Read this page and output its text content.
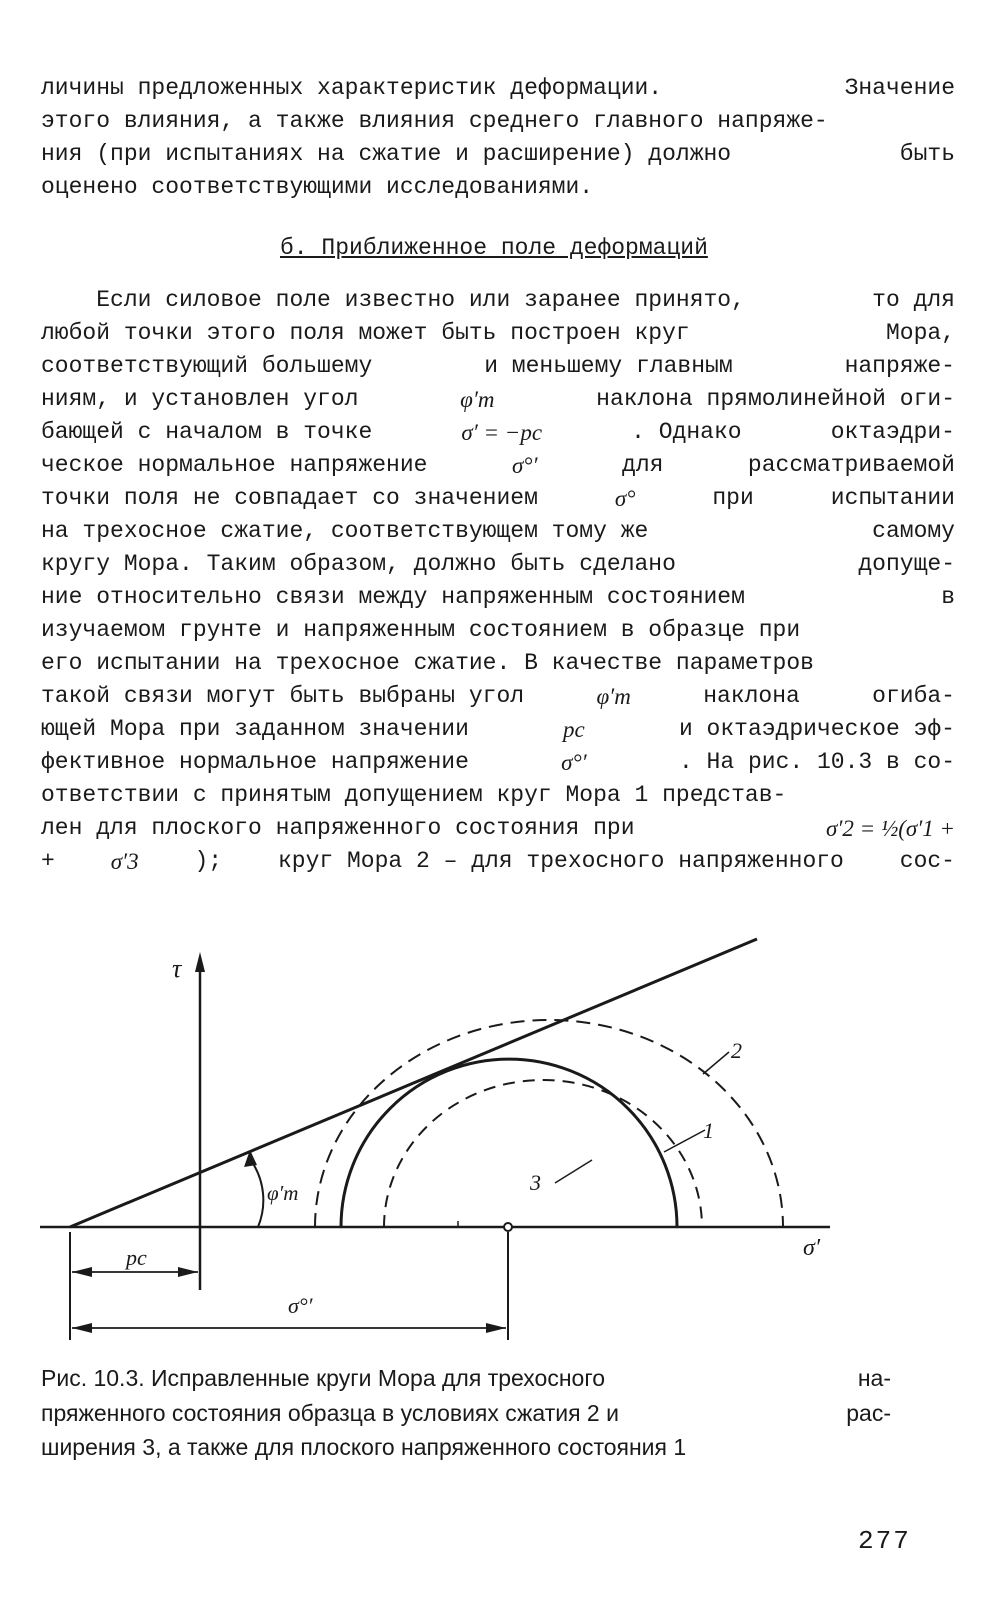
личины предложенных характеристик деформации.	Значение
этого влияния, а также влияния среднего главного напряже-
ния (при испытаниях на сжатие и расширение) должно	быть
оценено соответствующими исследованиями.
б. Приближенное поле деформаций
Если силовое поле известно или заранее принято,	то для
любой точки этого поля может быть построен круг	Мора,
соответствующий большему	и меньшему главным	напряже-
ниям, и установлен угол	φ′m	наклона прямолинейной оги-
бающей с началом в точке	σ′ = −pc	. Однако	октаэдри-
ческое нормальное напряжение	σ°′	для	рассматриваемой
точки поля не совпадает со значением	σ°	при	испытании
на трехосное сжатие, соответствующем тому же	самому
кругу Мора. Таким образом, должно быть сделано	допуще-
ние относительно связи между напряженным состоянием	в
изучаемом грунте и напряженным состоянием в образце при
его испытании на трехосное сжатие. В качестве параметров
такой связи могут быть выбраны угол	φ′m	наклона	огиба-
ющей Мора при заданном значении	pc	и октаэдрическое эф-
фективное нормальное напряжение	σ°′	. На рис. 10.3 в со-
ответствии с принятым допущением круг Мора 1 представ-
лен для плоского напряженного состояния при	σ′2 = ½(σ′1 +
+ σ′3 ); круг Мора 2 – для трехосного напряженного сос-
τ
σ′
φ′m
pc
σ°′
2
1
3
Рис. 10.3. Исправленные круги Мора для трехосного	на-
пряженного состояния образца в условиях сжатия 2 и	рас-
ширения 3, а также для плоского напряженного состояния 1
277
